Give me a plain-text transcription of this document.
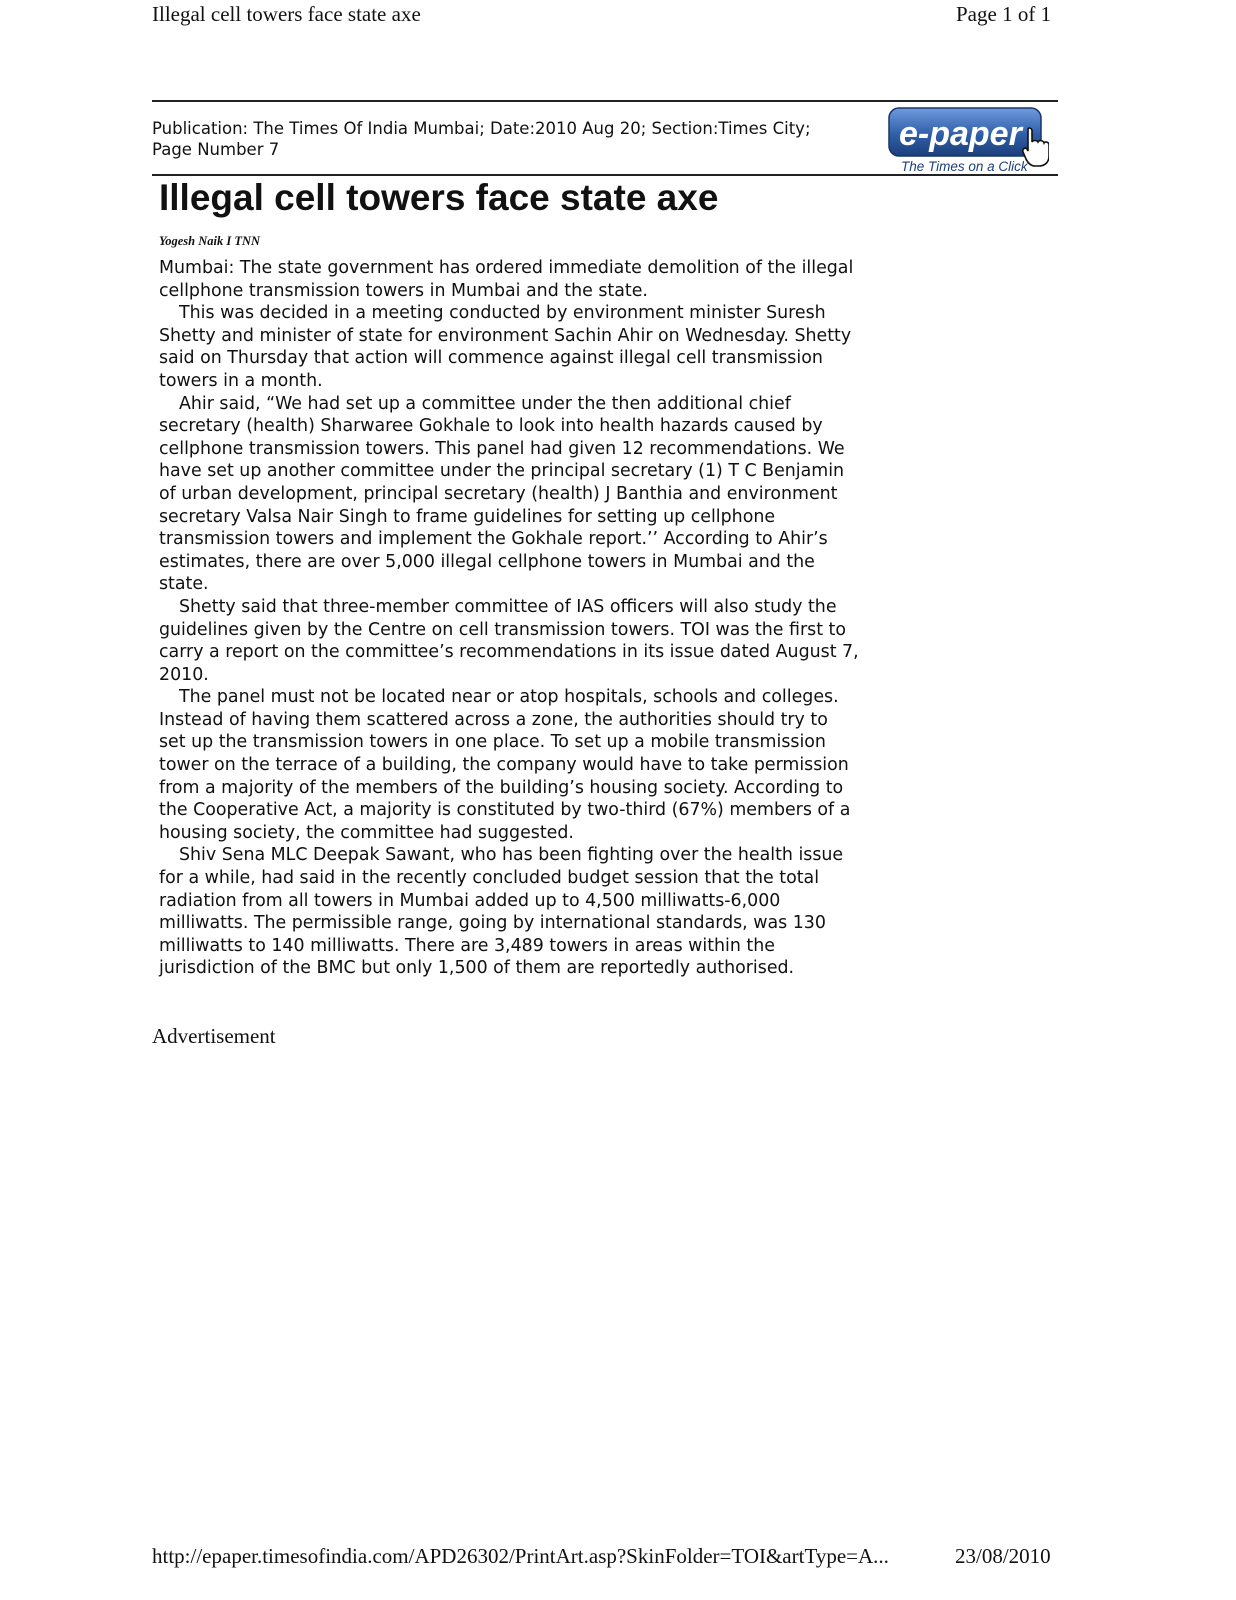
Illegal cell towers face state axe	Page 1 of 1
Publication: The Times Of India Mumbai; Date:2010 Aug 20; Section:Times City; Page Number 7	e-paper
The Times on a Click
Illegal cell towers face state axe
Yogesh Naik I TNN

Mumbai: The state government has ordered immediate demolition of the illegal cellphone transmission towers in Mumbai and the state.

This was decided in a meeting conducted by environment minister Suresh Shetty and minister of state for environment Sachin Ahir on Wednesday. Shetty said on Thursday that action will commence against illegal cell transmission towers in a month.

Ahir said, “We had set up a committee under the then additional chief secretary (health) Sharwaree Gokhale to look into health hazards caused by cellphone transmission towers. This panel had given 12 recommendations. We have set up another committee under the principal secretary (1) T C Benjamin of urban development, principal secretary (health) J Banthia and environment secretary Valsa Nair Singh to frame guidelines for setting up cellphone transmission towers and implement the Gokhale report.’’ According to Ahir’s estimates, there are over 5,000 illegal cellphone towers in Mumbai and the state.

Shetty said that three-member committee of IAS officers will also study the guidelines given by the Centre on cell transmission towers. TOI was the first to carry a report on the committee’s recommendations in its issue dated August 7, 2010.

The panel must not be located near or atop hospitals, schools and colleges. Instead of having them scattered across a zone, the authorities should try to set up the transmission towers in one place. To set up a mobile transmission tower on the terrace of a building, the company would have to take permission from a majority of the members of the building’s housing society. According to the Cooperative Act, a majority is constituted by two-third (67%) members of a housing society, the committee had suggested.

Shiv Sena MLC Deepak Sawant, who has been fighting over the health issue for a while, had said in the recently concluded budget session that the total radiation from all towers in Mumbai added up to 4,500 milliwatts-6,000 milliwatts. The permissible range, going by international standards, was 130 milliwatts to 140 milliwatts. There are 3,489 towers in areas within the jurisdiction of the BMC but only 1,500 of them are reportedly authorised.

Advertisement
http://epaper.timesofindia.com/APD26302/PrintArt.asp?SkinFolder=TOI&artType=A...	23/08/2010
